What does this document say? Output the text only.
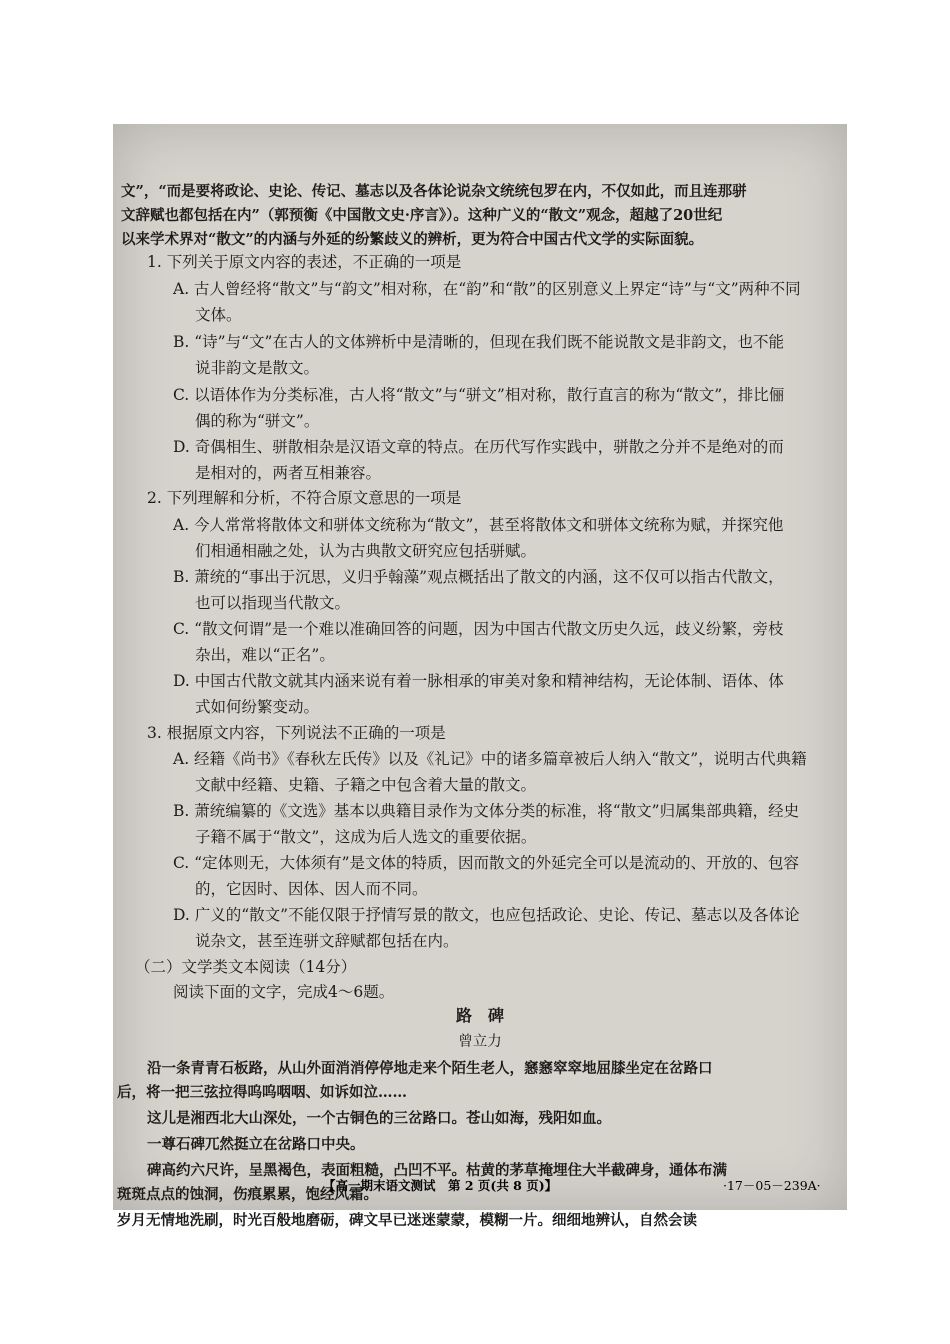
文”，“而是要将政论、史论、传记、墓志以及各体论说杂文统统包罗在内，不仅如此，而且连那骈
文辞赋也都包括在内”（郭预衡《中国散文史·序言》）。这种广义的“散文”观念，超越了20世纪
以来学术界对“散文”的内涵与外延的纷繁歧义的辨析，更为符合中国古代文学的实际面貌。
1. 下列关于原文内容的表述，不正确的一项是
A. 古人曾经将“散文”与“韵文”相对称，在“韵”和“散”的区别意义上界定“诗”与“文”两种不同
文体。
B. “诗”与“文”在古人的文体辨析中是清晰的，但现在我们既不能说散文是非韵文，也不能
说非韵文是散文。
C. 以语体作为分类标准，古人将“散文”与“骈文”相对称，散行直言的称为“散文”，排比俪
偶的称为“骈文”。
D. 奇偶相生、骈散相杂是汉语文章的特点。在历代写作实践中，骈散之分并不是绝对的而
是相对的，两者互相兼容。
2. 下列理解和分析，不符合原文意思的一项是
A. 今人常常将散体文和骈体文统称为“散文”，甚至将散体文和骈体文统称为赋，并探究他
们相通相融之处，认为古典散文研究应包括骈赋。
B. 萧统的“事出于沉思，义归乎翰藻”观点概括出了散文的内涵，这不仅可以指古代散文，
也可以指现当代散文。
C. “散文何谓”是一个难以准确回答的问题，因为中国古代散文历史久远，歧义纷繁，旁枝
杂出，难以“正名”。
D. 中国古代散文就其内涵来说有着一脉相承的审美对象和精神结构，无论体制、语体、体
式如何纷繁变动。
3. 根据原文内容，下列说法不正确的一项是
A. 经籍《尚书》《春秋左氏传》以及《礼记》中的诸多篇章被后人纳入“散文”，说明古代典籍
文献中经籍、史籍、子籍之中包含着大量的散文。
B. 萧统编纂的《文选》基本以典籍目录作为文体分类的标准，将“散文”归属集部典籍，经史
子籍不属于“散文”，这成为后人选文的重要依据。
C. “定体则无，大体须有”是文体的特质，因而散文的外延完全可以是流动的、开放的、包容
的，它因时、因体、因人而不同。
D. 广义的“散文”不能仅限于抒情写景的散文，也应包括政论、史论、传记、墓志以及各体论
说杂文，甚至连骈文辞赋都包括在内。
（二）文学类文本阅读（14分）
阅读下面的文字，完成4～6题。
路　碑
曾立力
沿一条青青石板路，从山外面消消停停地走来个陌生老人，窸窸窣窣地屈膝坐定在岔路口
后，将一把三弦拉得呜呜咽咽、如诉如泣……
这儿是湘西北大山深处，一个古铜色的三岔路口。苍山如海，残阳如血。
一尊石碑兀然挺立在岔路口中央。
碑高约六尺许，呈黑褐色，表面粗糙，凸凹不平。枯黄的茅草掩埋住大半截碑身，通体布满
斑斑点点的蚀洞，伤痕累累，饱经风霜。
岁月无情地洗刷，时光百般地磨砺，碑文早已迷迷蒙蒙，模糊一片。细细地辨认，自然会读
【高一期末语文测试　第 2 页(共 8 页)】	·17－05－239A·
